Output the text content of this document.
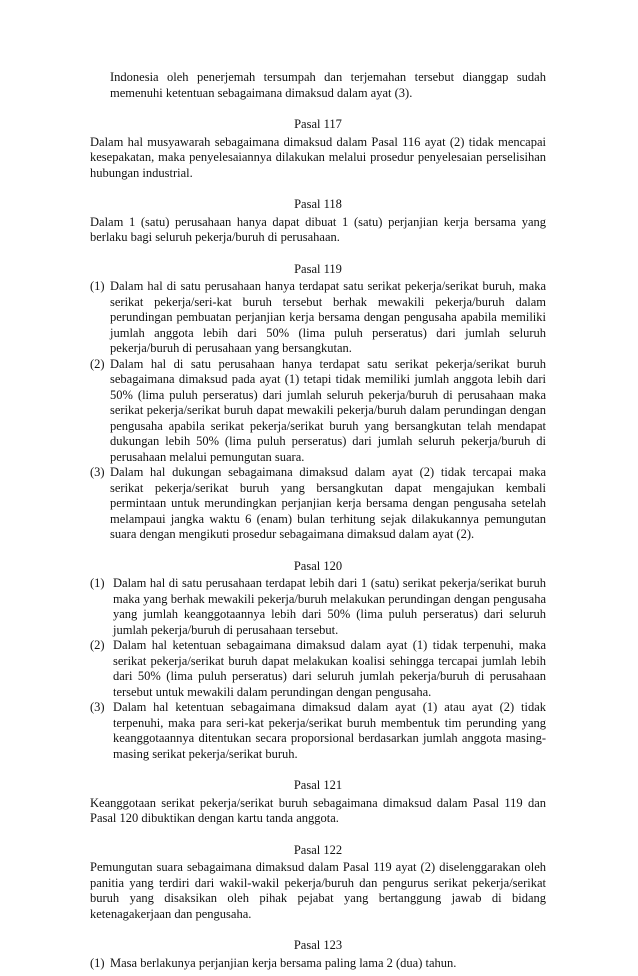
Indonesia oleh penerjemah tersumpah dan terjemahan tersebut dianggap sudah memenuhi ketentuan sebagaimana dimaksud dalam ayat (3).
Pasal 117
Dalam hal musyawarah sebagaimana dimaksud dalam Pasal 116 ayat (2) tidak mencapai kesepakatan, maka penyelesaiannya dilakukan melalui prosedur penyelesaian perselisihan hubungan industrial.
Pasal 118
Dalam 1 (satu) perusahaan hanya dapat dibuat 1 (satu) perjanjian kerja bersama yang berlaku bagi seluruh pekerja/buruh di perusahaan.
Pasal 119
(1) Dalam hal di satu perusahaan hanya terdapat satu serikat pekerja/serikat buruh, maka serikat pekerja/seri-kat buruh tersebut berhak mewakili pekerja/buruh dalam perundingan pembuatan perjanjian kerja bersama dengan pengusaha apabila memiliki jumlah anggota lebih dari 50% (lima puluh perseratus) dari jumlah seluruh pekerja/buruh di perusahaan yang bersangkutan.
(2) Dalam hal di satu perusahaan hanya terdapat satu serikat pekerja/serikat buruh sebagaimana dimaksud pada ayat (1) tetapi tidak memiliki jumlah anggota lebih dari 50% (lima puluh perseratus) dari jumlah seluruh pekerja/buruh di perusahaan maka serikat pekerja/serikat buruh dapat mewakili pekerja/buruh dalam perundingan dengan pengusaha apabila serikat pekerja/serikat buruh yang bersangkutan telah mendapat dukungan lebih 50% (lima puluh perseratus) dari jumlah seluruh pekerja/buruh di perusahaan melalui pemungutan suara.
(3) Dalam hal dukungan sebagaimana dimaksud dalam ayat (2) tidak tercapai maka serikat pekerja/serikat buruh yang bersangkutan dapat mengajukan kembali permintaan untuk merundingkan perjanjian kerja bersama dengan pengusaha setelah melampaui jangka waktu 6 (enam) bulan terhitung sejak dilakukannya pemungutan suara dengan mengikuti prosedur sebagaimana dimaksud dalam ayat (2).
Pasal 120
(1) Dalam hal di satu perusahaan terdapat lebih dari 1 (satu) serikat pekerja/serikat buruh maka yang berhak mewakili pekerja/buruh melakukan perundingan dengan pengusaha yang jumlah keanggotaannya lebih dari 50% (lima puluh perseratus) dari seluruh jumlah pekerja/buruh di perusahaan tersebut.
(2) Dalam hal ketentuan sebagaimana dimaksud dalam ayat (1) tidak terpenuhi, maka serikat pekerja/serikat buruh dapat melakukan koalisi sehingga tercapai jumlah lebih dari 50% (lima puluh perseratus) dari seluruh jumlah pekerja/buruh di perusahaan tersebut untuk mewakili dalam perundingan dengan pengusaha.
(3) Dalam hal ketentuan sebagaimana dimaksud dalam ayat (1) atau ayat (2) tidak terpenuhi, maka para seri-kat pekerja/serikat buruh membentuk tim perunding yang keanggotaannya ditentukan secara proporsional berdasarkan jumlah anggota masing-masing serikat pekerja/serikat buruh.
Pasal 121
Keanggotaan serikat pekerja/serikat buruh sebagaimana dimaksud dalam Pasal 119 dan Pasal 120 dibuktikan dengan kartu tanda anggota.
Pasal 122
Pemungutan suara sebagaimana dimaksud dalam Pasal 119 ayat (2) diselenggarakan oleh panitia yang terdiri dari wakil-wakil pekerja/buruh dan pengurus serikat pekerja/serikat buruh yang disaksikan oleh pihak pejabat yang bertanggung jawab di bidang ketenagakerjaan dan pengusaha.
Pasal 123
(1) Masa berlakunya perjanjian kerja bersama paling lama 2 (dua) tahun.
